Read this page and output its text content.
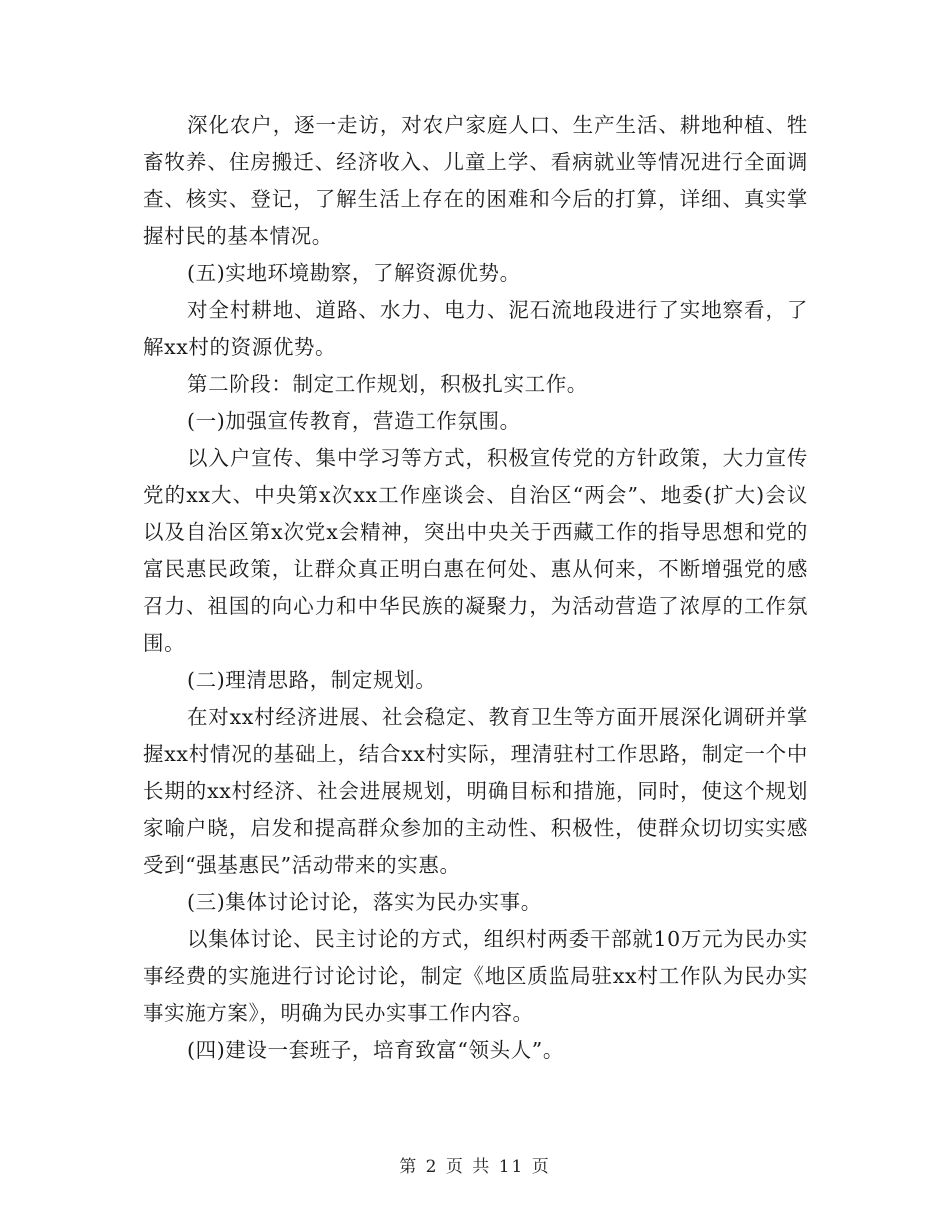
深化农户，逐一走访，对农户家庭人口、生产生活、耕地种植、牲畜牧养、住房搬迁、经济收入、儿童上学、看病就业等情况进行全面调查、核实、登记，了解生活上存在的困难和今后的打算，详细、真实掌握村民的基本情况。

(五)实地环境勘察，了解资源优势。

对全村耕地、道路、水力、电力、泥石流地段进行了实地察看，了解xx村的资源优势。

第二阶段：制定工作规划，积极扎实工作。

(一)加强宣传教育，营造工作氛围。

以入户宣传、集中学习等方式，积极宣传党的方针政策，大力宣传党的xx大、中央第x次xx工作座谈会、自治区“两会”、地委(扩大)会议以及自治区第x次党x会精神，突出中央关于西藏工作的指导思想和党的富民惠民政策，让群众真正明白惠在何处、惠从何来，不断增强党的感召力、祖国的向心力和中华民族的凝聚力，为活动营造了浓厚的工作氛围。

(二)理清思路，制定规划。

在对xx村经济进展、社会稳定、教育卫生等方面开展深化调研并掌握xx村情况的基础上，结合xx村实际，理清驻村工作思路，制定一个中长期的xx村经济、社会进展规划，明确目标和措施，同时，使这个规划家喻户晓，启发和提高群众参加的主动性、积极性，使群众切切实实感受到“强基惠民”活动带来的实惠。

(三)集体讨论讨论，落实为民办实事。

以集体讨论、民主讨论的方式，组织村两委干部就10万元为民办实事经费的实施进行讨论讨论，制定《地区质监局驻xx村工作队为民办实事实施方案》，明确为民办实事工作内容。

(四)建设一套班子，培育致富“领头人”。

第 2 页 共 11 页
